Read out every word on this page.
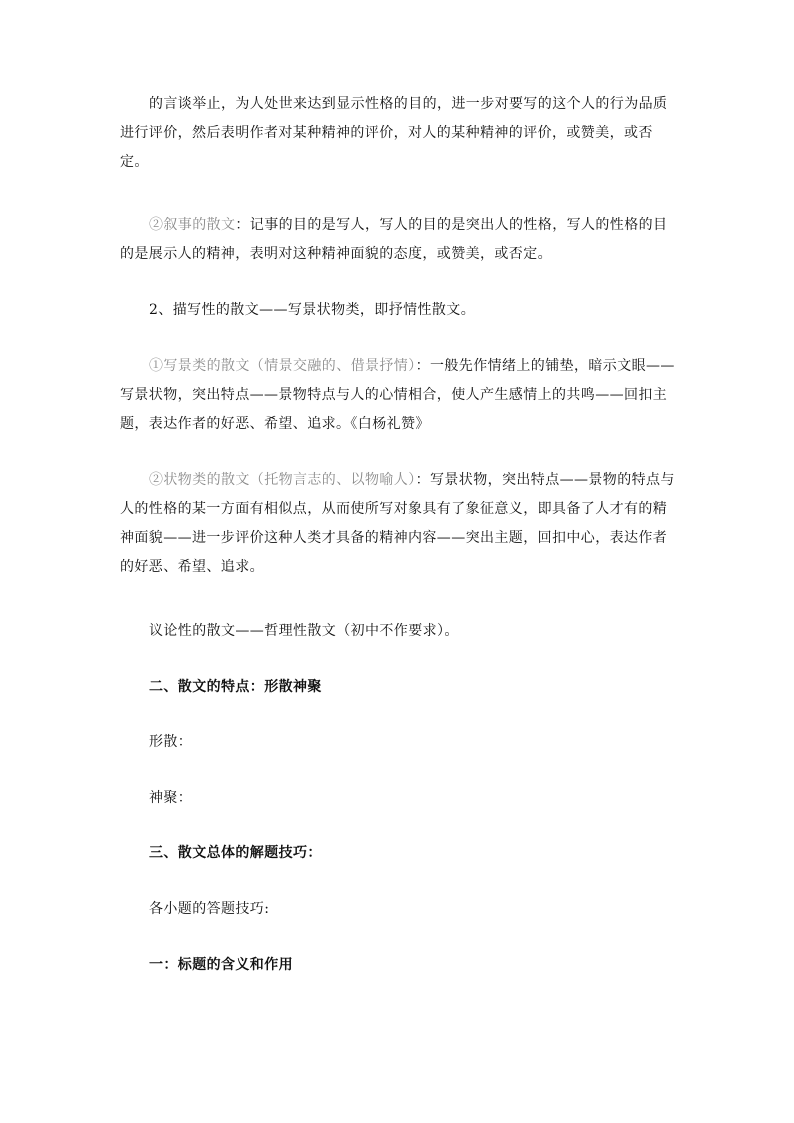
的言谈举止，为人处世来达到显示性格的目的，进一步对要写的这个人的行为品质进行评价，然后表明作者对某种精神的评价，对人的某种精神的评价，或赞美，或否定。

②叙事的散文：记事的目的是写人，写人的目的是突出人的性格，写人的性格的目的是展示人的精神，表明对这种精神面貌的态度，或赞美，或否定。

2、描写性的散文——写景状物类，即抒情性散文。

①写景类的散文（情景交融的、借景抒情）：一般先作情绪上的铺垫，暗示文眼——写景状物，突出特点——景物特点与人的心情相合，使人产生感情上的共鸣——回扣主题，表达作者的好恶、希望、追求。《白杨礼赞》

②状物类的散文（托物言志的、以物喻人）：写景状物，突出特点——景物的特点与人的性格的某一方面有相似点，从而使所写对象具有了象征意义，即具备了人才有的精神面貌——进一步评价这种人类才具备的精神内容——突出主题，回扣中心，表达作者的好恶、希望、追求。

议论性的散文——哲理性散文（初中不作要求）。

二、散文的特点：形散神聚

形散：

神聚：

三、散文总体的解题技巧：

各小题的答题技巧:

一：标题的含义和作用
